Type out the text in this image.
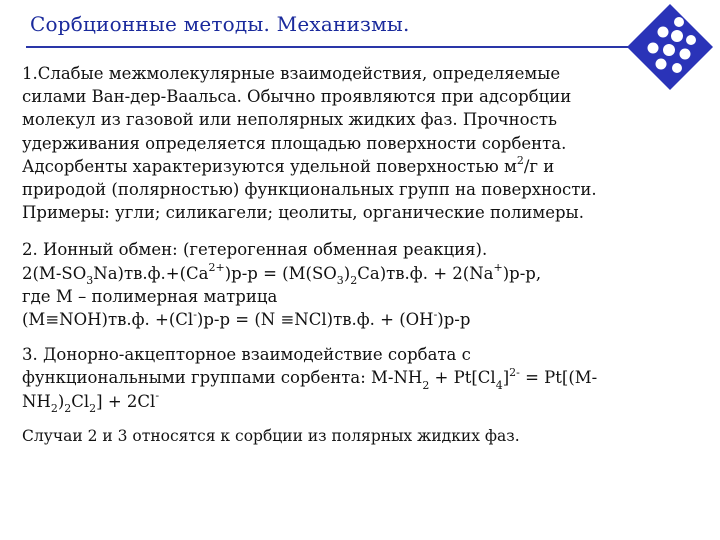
Сорбционные методы. Механизмы.
1.Слабые межмолекулярные взаимодействия, определяемые
силами Ван-дер-Ваальса. Обычно проявляются при адсорбции
молекул из газовой или неполярных жидких фаз. Прочность
удерживания определяется площадью поверхности сорбента.
Адсорбенты характеризуются удельной поверхностью $м^2/г$ и
природой (полярностью) функциональных групп на поверхности.
Примеры: угли; силикагели; цеолиты, органические полимеры.
2. Ионный обмен: (гетерогенная обменная реакция).
$2(M-SO_3Na)тв.ф.+(Ca^{2+})р-р = (M(SO_3)_2Ca)тв.ф$. + 2(Na+)р-р,
где М – полимерная матрица
(M≡NOH)тв.ф. +(Cl-)р-р = (N ≡NCl)тв.ф. + (OH-)р-р
3. Донорно-акцепторное взаимодействие сорбата с
функциональными группами сорбента: $M-NH_2 + Pt[Cl_4]^{2-} = Pt[(M-$
$NH_2)_2Cl_2] + 2Cl^-$
Случаи 2 и 3 относятся к сорбции из полярных жидких фаз.
